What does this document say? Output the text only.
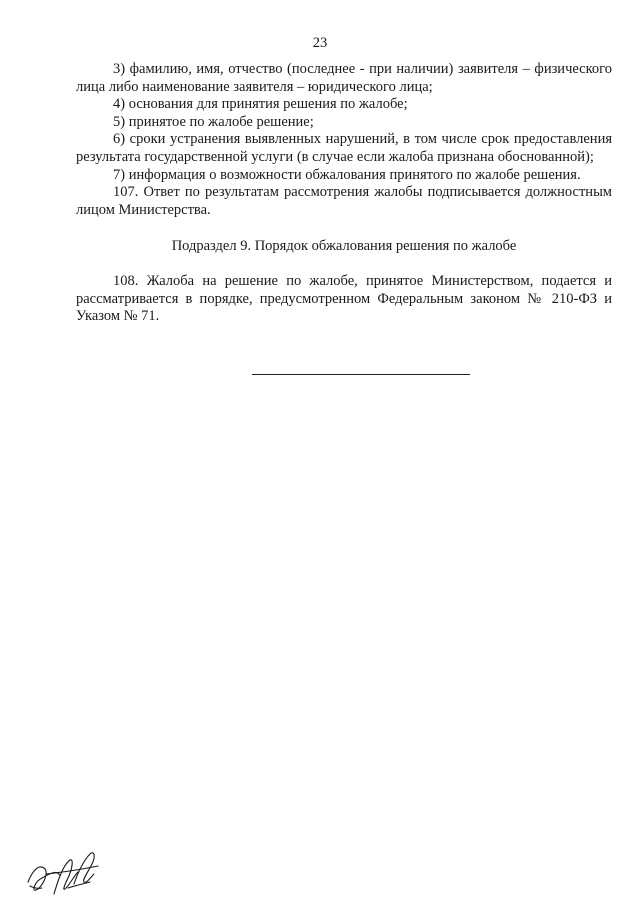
23

3) фамилию, имя, отчество (последнее - при наличии) заявителя – физического лица либо наименование заявителя – юридического лица;

4) основания для принятия решения по жалобе;

5) принятое по жалобе решение;

6) сроки устранения выявленных нарушений, в том числе срок предоставления результата государственной услуги (в случае если жалоба признана обоснованной);

7) информация о возможности обжалования принятого по жалобе решения.

107. Ответ по результатам рассмотрения жалобы подписывается должностным лицом Министерства.

Подраздел 9. Порядок обжалования решения по жалобе

108. Жалоба на решение по жалобе, принятое Министерством, подается и рассматривается в порядке, предусмотренном Федеральным законом № 210-ФЗ и Указом № 71.
